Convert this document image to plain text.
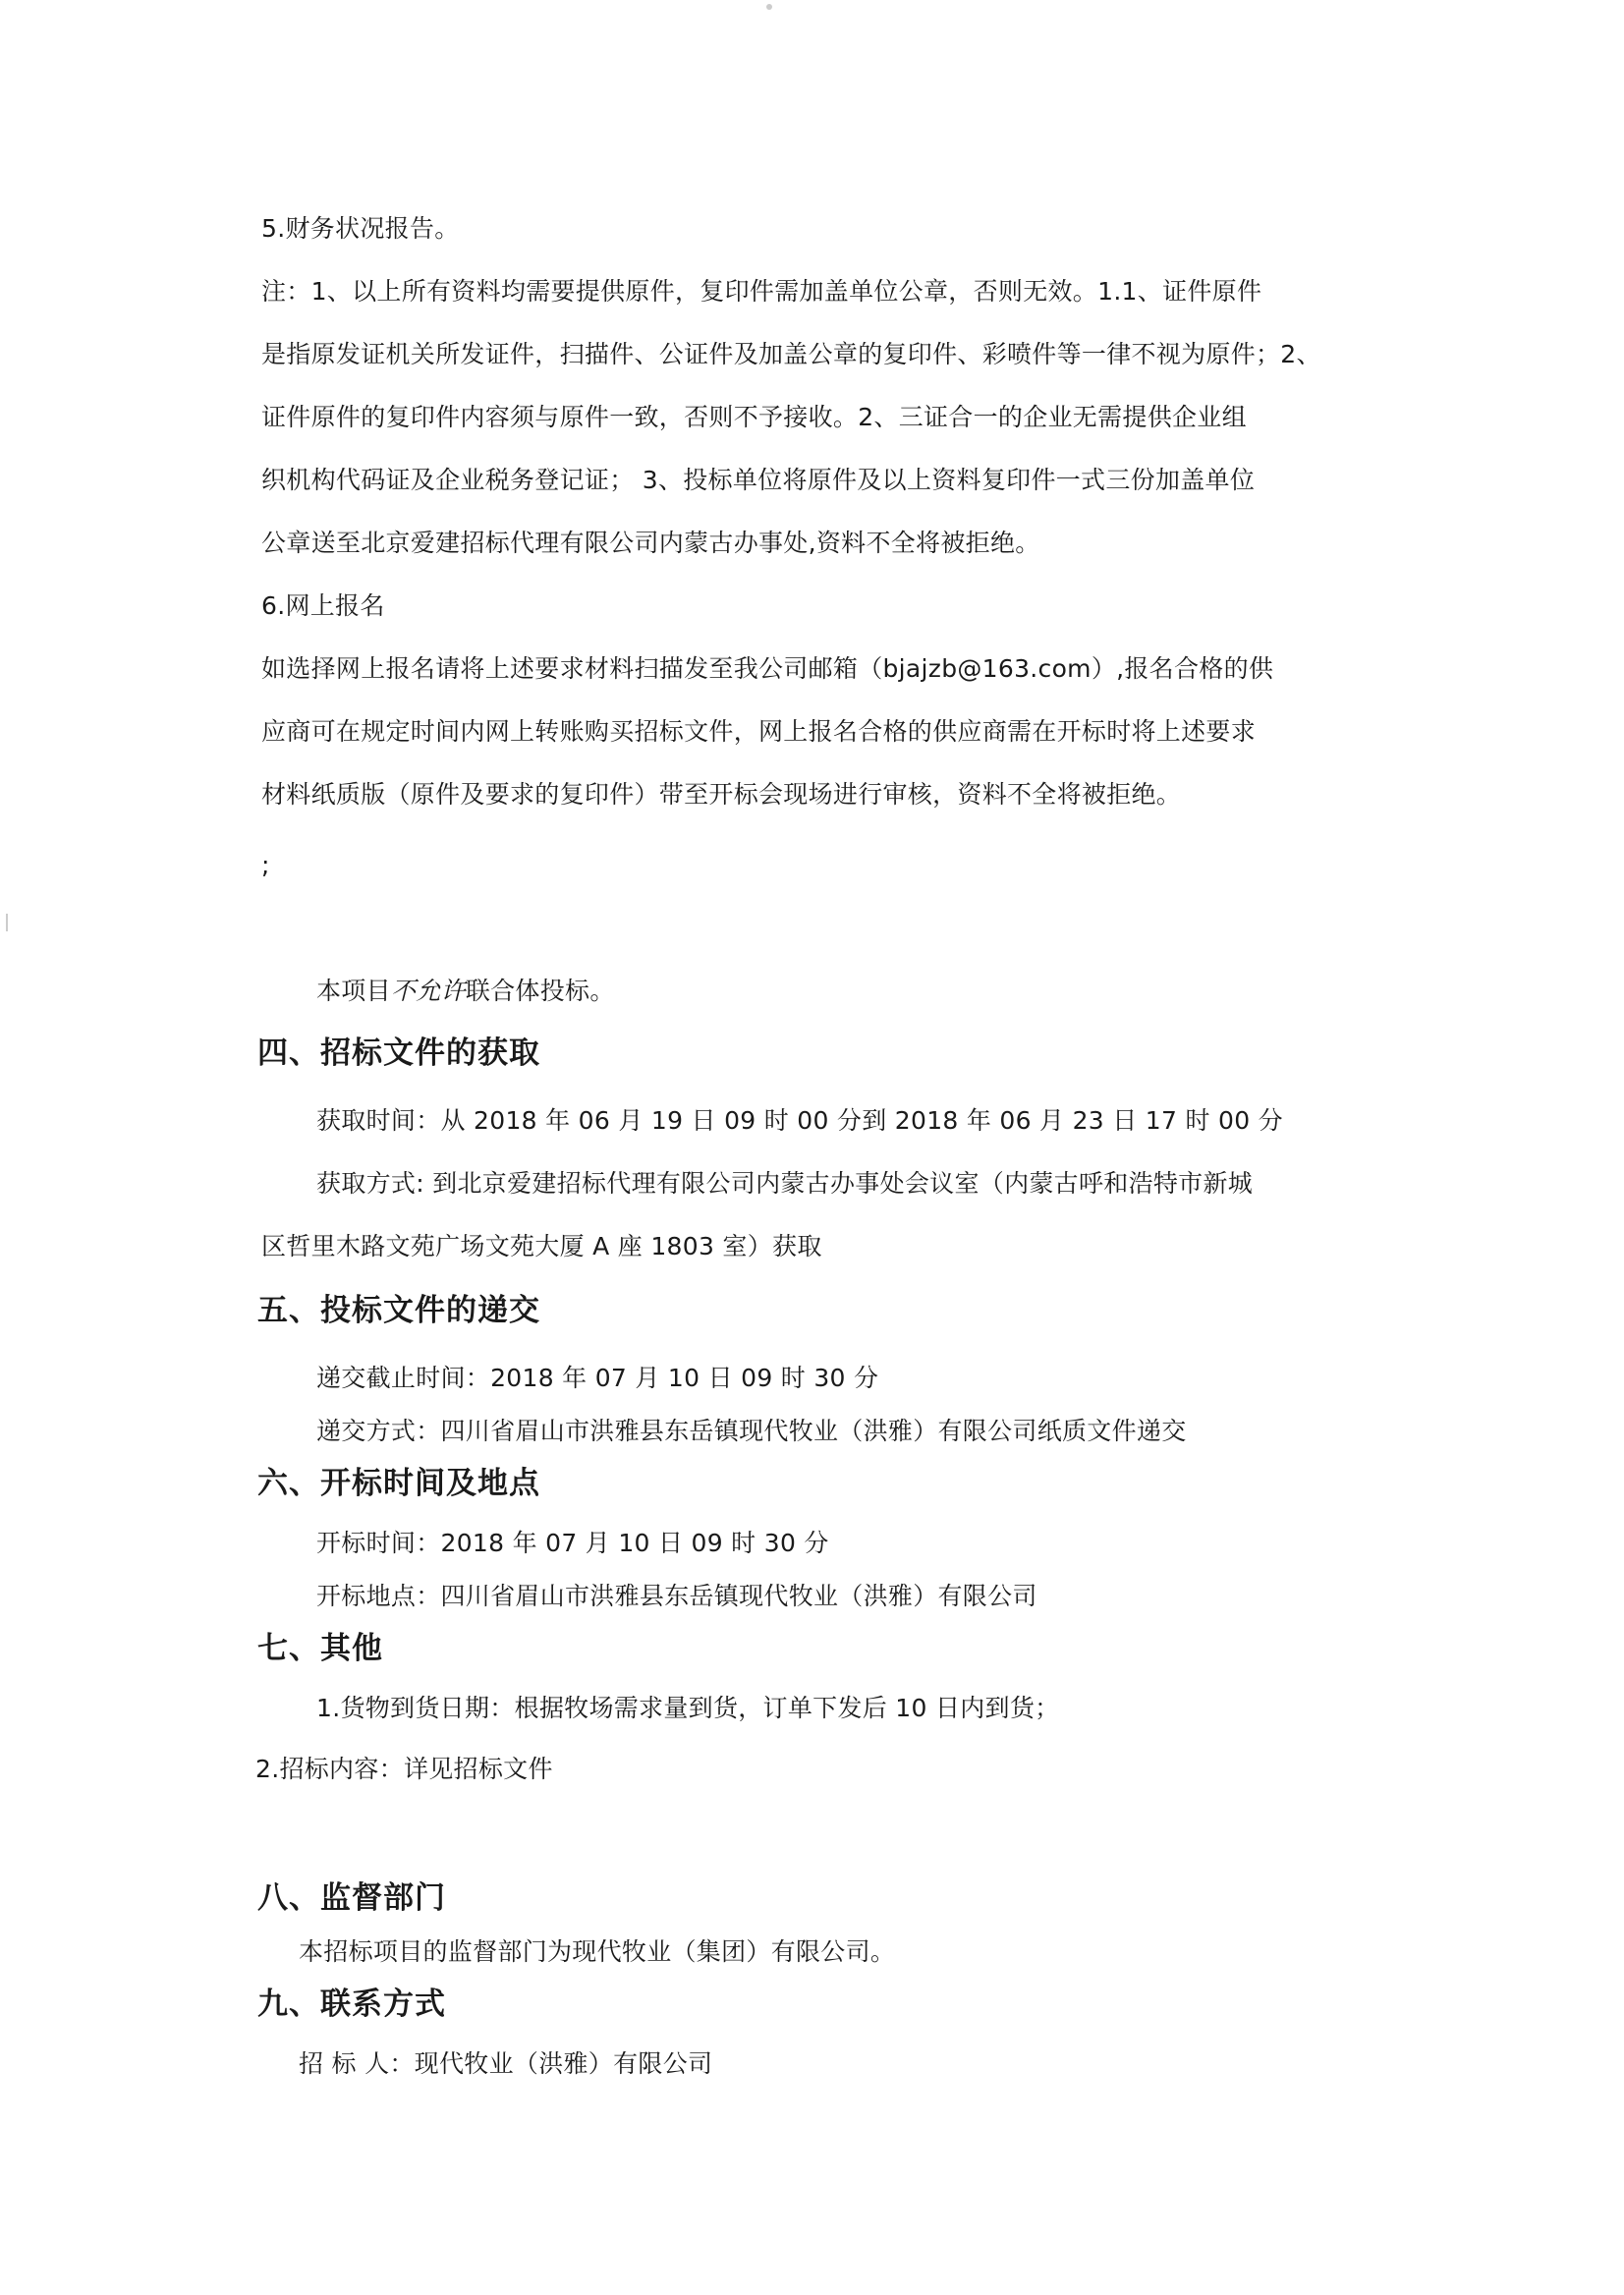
5.财务状况报告。
注：1、以上所有资料均需要提供原件，复印件需加盖单位公章，否则无效。1.1、证件原件
是指原发证机关所发证件，扫描件、公证件及加盖公章的复印件、彩喷件等一律不视为原件；2、
证件原件的复印件内容须与原件一致，否则不予接收。2、三证合一的企业无需提供企业组
织机构代码证及企业税务登记证； 3、投标单位将原件及以上资料复印件一式三份加盖单位
公章送至北京爱建招标代理有限公司内蒙古办事处,资料不全将被拒绝。
6.网上报名
如选择网上报名请将上述要求材料扫描发至我公司邮箱（bjajzb@163.com）,报名合格的供
应商可在规定时间内网上转账购买招标文件，网上报名合格的供应商需在开标时将上述要求
材料纸质版（原件及要求的复印件）带至开标会现场进行审核，资料不全将被拒绝。
;
本项目不允许联合体投标。
四、招标文件的获取
获取时间：从 2018 年 06 月 19 日 09 时 00 分到 2018 年 06 月 23 日 17 时 00 分
获取方式: 到北京爱建招标代理有限公司内蒙古办事处会议室（内蒙古呼和浩特市新城
区哲里木路文苑广场文苑大厦 A 座 1803 室）获取
五、投标文件的递交
递交截止时间：2018 年 07 月 10 日 09 时 30 分
递交方式：四川省眉山市洪雅县东岳镇现代牧业（洪雅）有限公司纸质文件递交
六、开标时间及地点
开标时间：2018 年 07 月 10 日 09 时 30 分
开标地点：四川省眉山市洪雅县东岳镇现代牧业（洪雅）有限公司
七、其他
1.货物到货日期：根据牧场需求量到货，订单下发后 10 日内到货；
2.招标内容：详见招标文件
八、监督部门
本招标项目的监督部门为现代牧业（集团）有限公司。
九、联系方式
招 标 人：现代牧业（洪雅）有限公司
